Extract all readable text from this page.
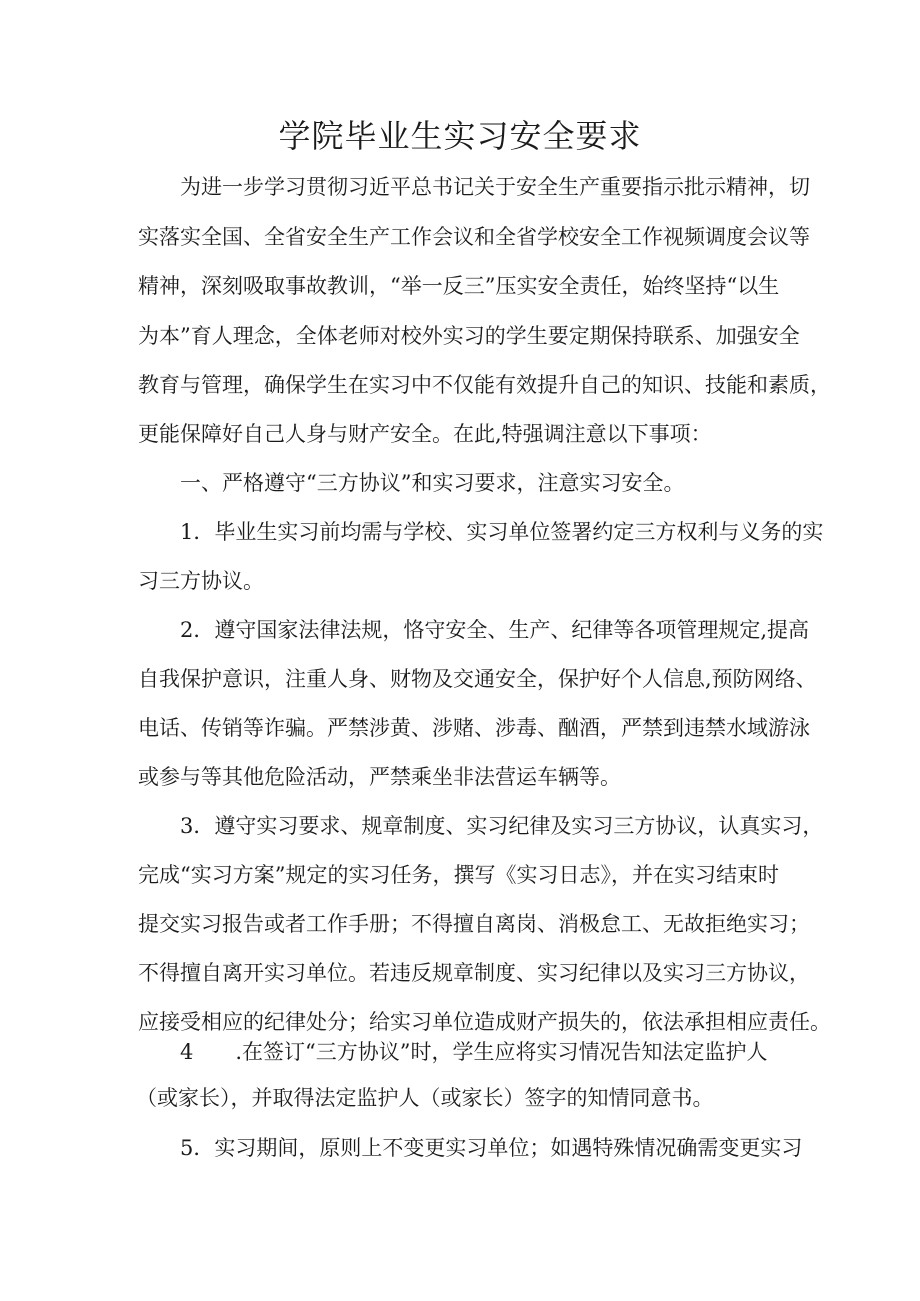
学院毕业生实习安全要求
为进一步学习贯彻习近平总书记关于安全生产重要指示批示精神，切
实落实全国、全省安全生产工作会议和全省学校安全工作视频调度会议等
精神，深刻吸取事故教训，“举一反三”压实安全责任，始终坚持“以生
为本”育人理念，全体老师对校外实习的学生要定期保持联系、加强安全
教育与管理，确保学生在实习中不仅能有效提升自己的知识、技能和素质，
更能保障好自己人身与财产安全。在此,特强调注意以下事项：
一、严格遵守“三方协议”和实习要求，注意实习安全。
1．毕业生实习前均需与学校、实习单位签署约定三方权利与义务的实
习三方协议。
2．遵守国家法律法规，恪守安全、生产、纪律等各项管理规定,提高
自我保护意识，注重人身、财物及交通安全，保护好个人信息,预防网络、
电话、传销等诈骗。严禁涉黄、涉赌、涉毒、酗酒，严禁到违禁水域游泳
或参与等其他危险活动，严禁乘坐非法营运车辆等。
3．遵守实习要求、规章制度、实习纪律及实习三方协议，认真实习，
完成“实习方案”规定的实习任务，撰写《实习日志》，并在实习结束时
提交实习报告或者工作手册；不得擅自离岗、消极怠工、无故拒绝实习；
不得擅自离开实习单位。若违反规章制度、实习纪律以及实习三方协议，
应接受相应的纪律处分；给实习单位造成财产损失的，依法承担相应责任。
4　　.在签订“三方协议”时，学生应将实习情况告知法定监护人
（或家长），并取得法定监护人（或家长）签字的知情同意书。
5．实习期间，原则上不变更实习单位；如遇特殊情况确需变更实习
